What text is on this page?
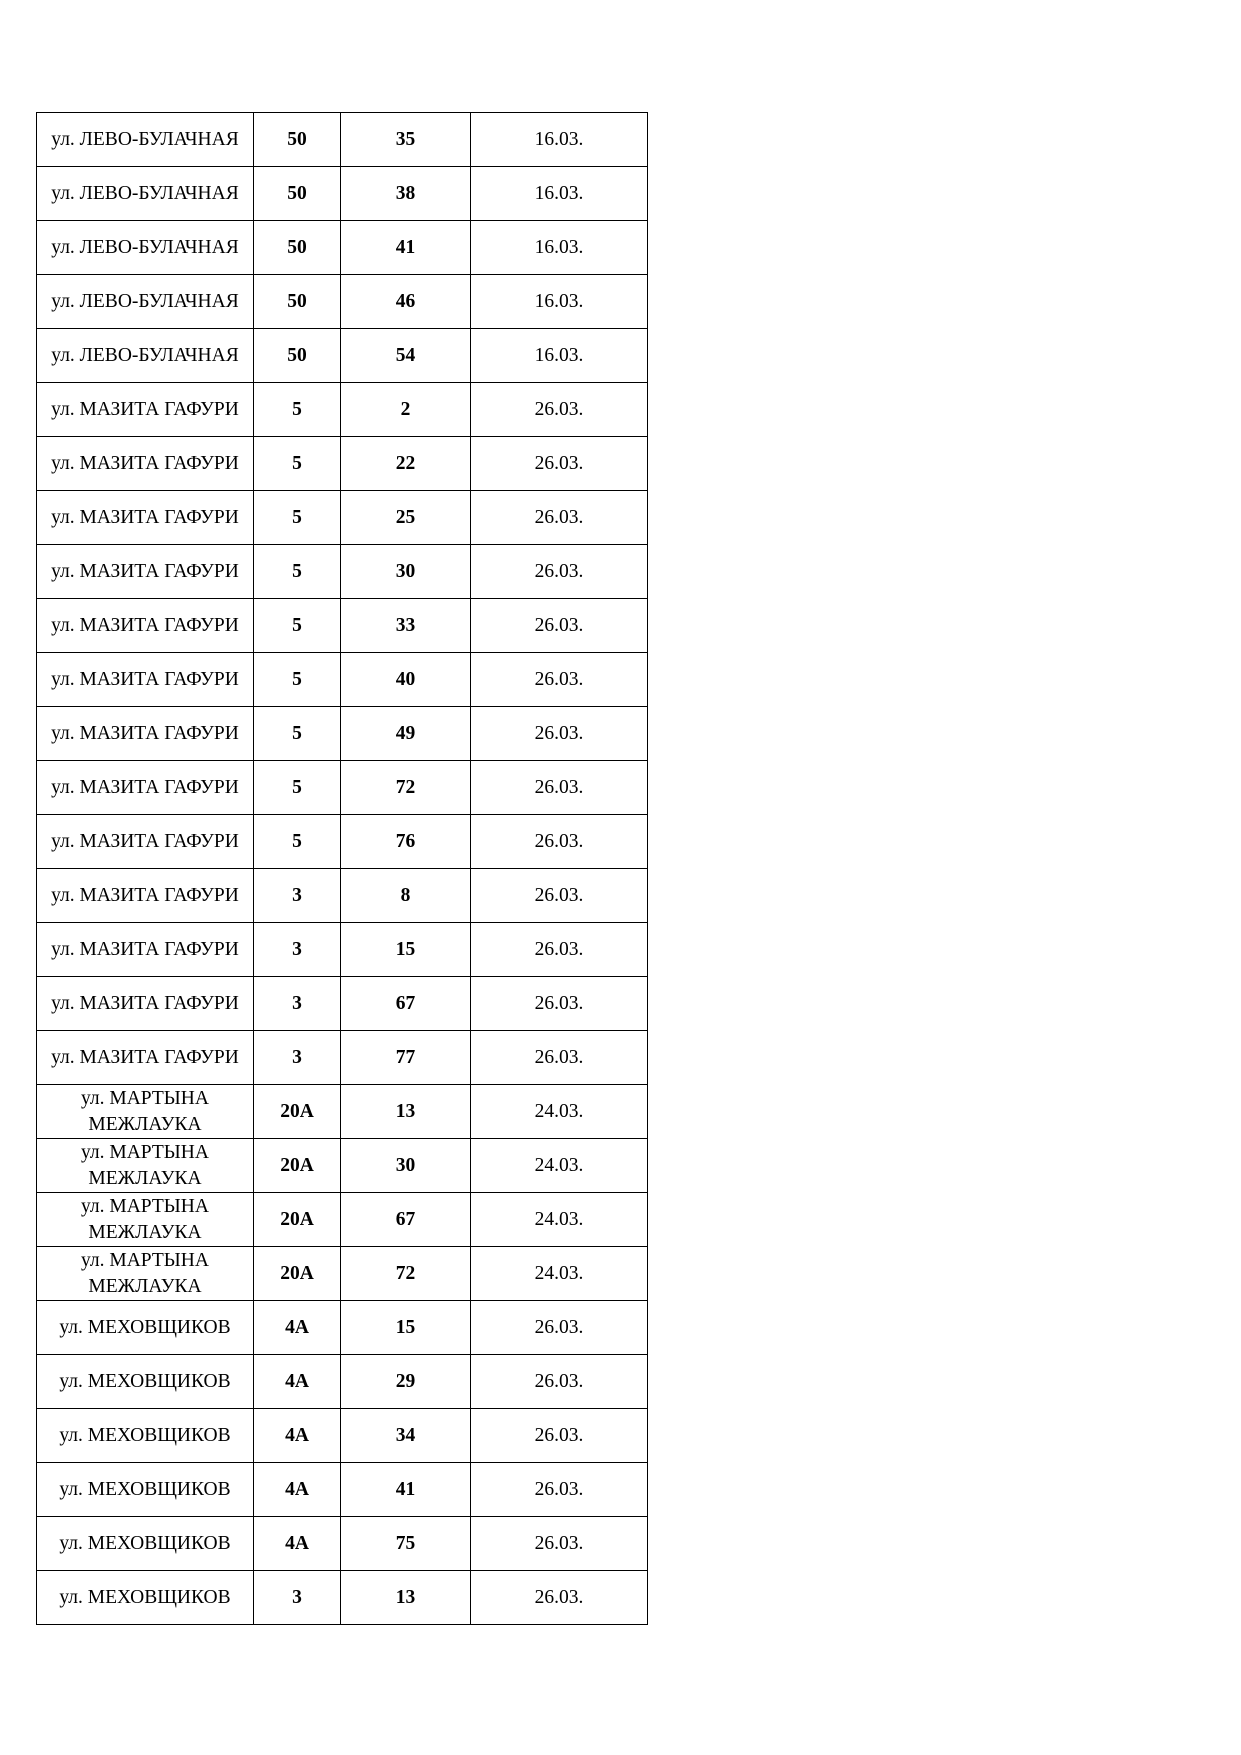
ул. ЛЕВО-БУЛАЧНАЯ	50	35	16.03.
ул. ЛЕВО-БУЛАЧНАЯ	50	38	16.03.
ул. ЛЕВО-БУЛАЧНАЯ	50	41	16.03.
ул. ЛЕВО-БУЛАЧНАЯ	50	46	16.03.
ул. ЛЕВО-БУЛАЧНАЯ	50	54	16.03.
ул. МАЗИТА ГАФУРИ	5	2	26.03.
ул. МАЗИТА ГАФУРИ	5	22	26.03.
ул. МАЗИТА ГАФУРИ	5	25	26.03.
ул. МАЗИТА ГАФУРИ	5	30	26.03.
ул. МАЗИТА ГАФУРИ	5	33	26.03.
ул. МАЗИТА ГАФУРИ	5	40	26.03.
ул. МАЗИТА ГАФУРИ	5	49	26.03.
ул. МАЗИТА ГАФУРИ	5	72	26.03.
ул. МАЗИТА ГАФУРИ	5	76	26.03.
ул. МАЗИТА ГАФУРИ	3	8	26.03.
ул. МАЗИТА ГАФУРИ	3	15	26.03.
ул. МАЗИТА ГАФУРИ	3	67	26.03.
ул. МАЗИТА ГАФУРИ	3	77	26.03.
ул. МАРТЫНА МЕЖЛАУКА	20А	13	24.03.
ул. МАРТЫНА МЕЖЛАУКА	20А	30	24.03.
ул. МАРТЫНА МЕЖЛАУКА	20А	67	24.03.
ул. МАРТЫНА МЕЖЛАУКА	20А	72	24.03.
ул. МЕХОВЩИКОВ	4А	15	26.03.
ул. МЕХОВЩИКОВ	4А	29	26.03.
ул. МЕХОВЩИКОВ	4А	34	26.03.
ул. МЕХОВЩИКОВ	4А	41	26.03.
ул. МЕХОВЩИКОВ	4А	75	26.03.
ул. МЕХОВЩИКОВ	3	13	26.03.
